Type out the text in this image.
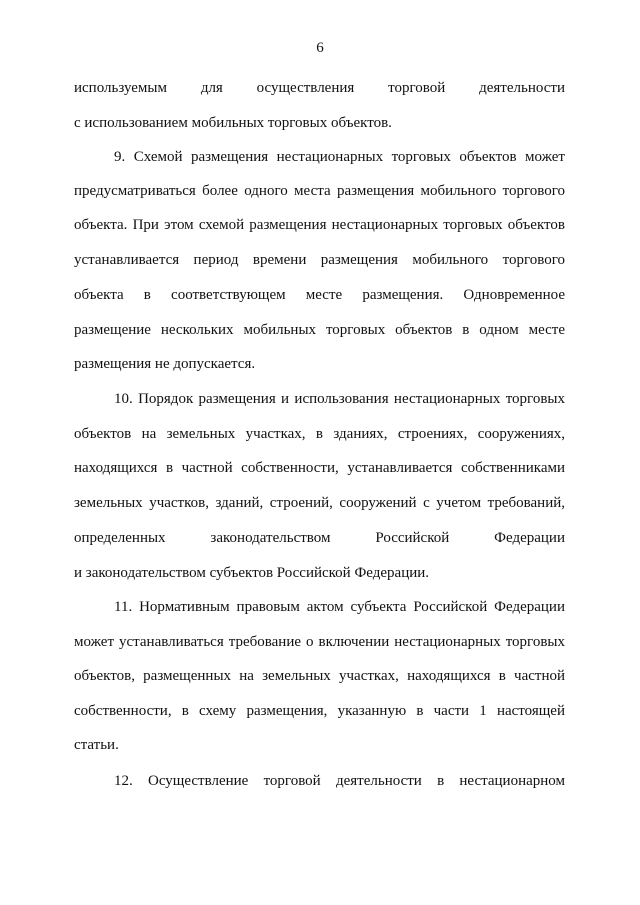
6
используемым для осуществления торговой деятельности
с использованием мобильных торговых объектов.
9. Схемой размещения нестационарных торговых объектов может
предусматриваться более одного места размещения мобильного торгового
объекта. При этом схемой размещения нестационарных торговых объектов
устанавливается период времени размещения мобильного торгового
объекта в соответствующем месте размещения. Одновременное
размещение нескольких мобильных торговых объектов в одном месте
размещения не допускается.
10. Порядок размещения и использования нестационарных торговых
объектов на земельных участках, в зданиях, строениях, сооружениях,
находящихся в частной собственности, устанавливается собственниками
земельных участков, зданий, строений, сооружений с учетом требований,
определенных законодательством Российской Федерации
и законодательством субъектов Российской Федерации.
11. Нормативным правовым актом субъекта Российской Федерации
может устанавливаться требование о включении нестационарных торговых
объектов, размещенных на земельных участках, находящихся в частной
собственности, в схему размещения, указанную в части 1 настоящей
статьи.
12. Осуществление торговой деятельности в нестационарном
